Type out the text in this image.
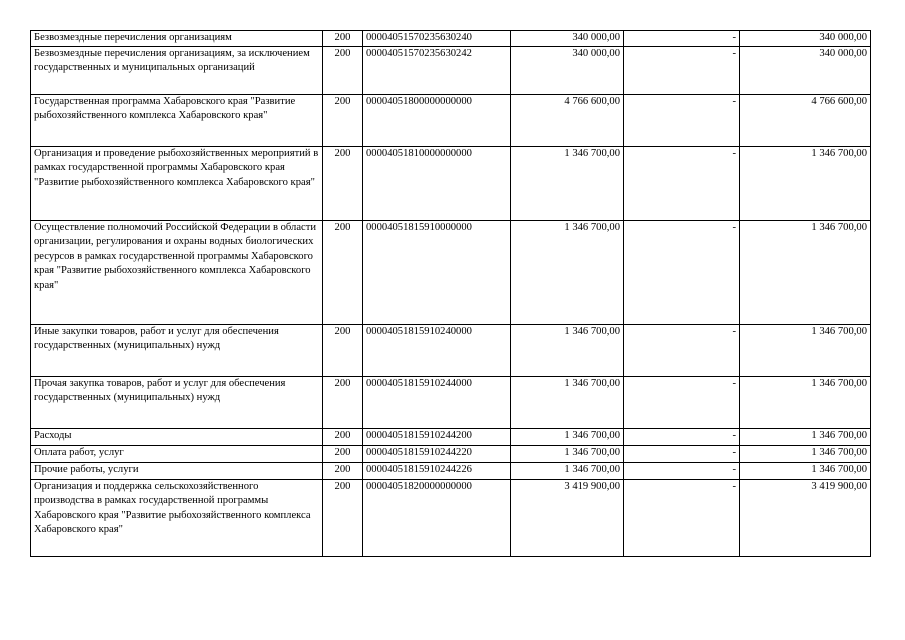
Безвозмездные перечисления организациям	200	00004051570235630240	340 000,00	-	340 000,00
Безвозмездные перечисления организациям, за исключением государственных и муниципальных организаций	200	00004051570235630242	340 000,00	-	340 000,00
Государственная программа Хабаровского края "Развитие рыбохозяйственного комплекса Хабаровского края"	200	00004051800000000000	4 766 600,00	-	4 766 600,00
Организация и проведение рыбохозяйственных мероприятий в рамках государственной программы Хабаровского края "Развитие рыбохозяйственного комплекса Хабаровского края"	200	00004051810000000000	1 346 700,00	-	1 346 700,00
Осуществление полномочий Российской Федерации в области организации, регулирования и охраны водных биологических ресурсов в рамках государственной программы Хабаровского края "Развитие рыбохозяйственного комплекса Хабаровского края"	200	00004051815910000000	1 346 700,00	-	1 346 700,00
Иные закупки товаров, работ и услуг для обеспечения государственных (муниципальных) нужд	200	00004051815910240000	1 346 700,00	-	1 346 700,00
Прочая закупка товаров, работ и услуг для обеспечения государственных (муниципальных) нужд	200	00004051815910244000	1 346 700,00	-	1 346 700,00
Расходы	200	00004051815910244200	1 346 700,00	-	1 346 700,00
Оплата работ, услуг	200	00004051815910244220	1 346 700,00	-	1 346 700,00
Прочие работы, услуги	200	00004051815910244226	1 346 700,00	-	1 346 700,00
Организация и поддержка сельскохозяйственного производства в рамках государственной программы Хабаровского края "Развитие рыбохозяйственного комплекса Хабаровского края"	200	00004051820000000000	3 419 900,00	-	3 419 900,00
